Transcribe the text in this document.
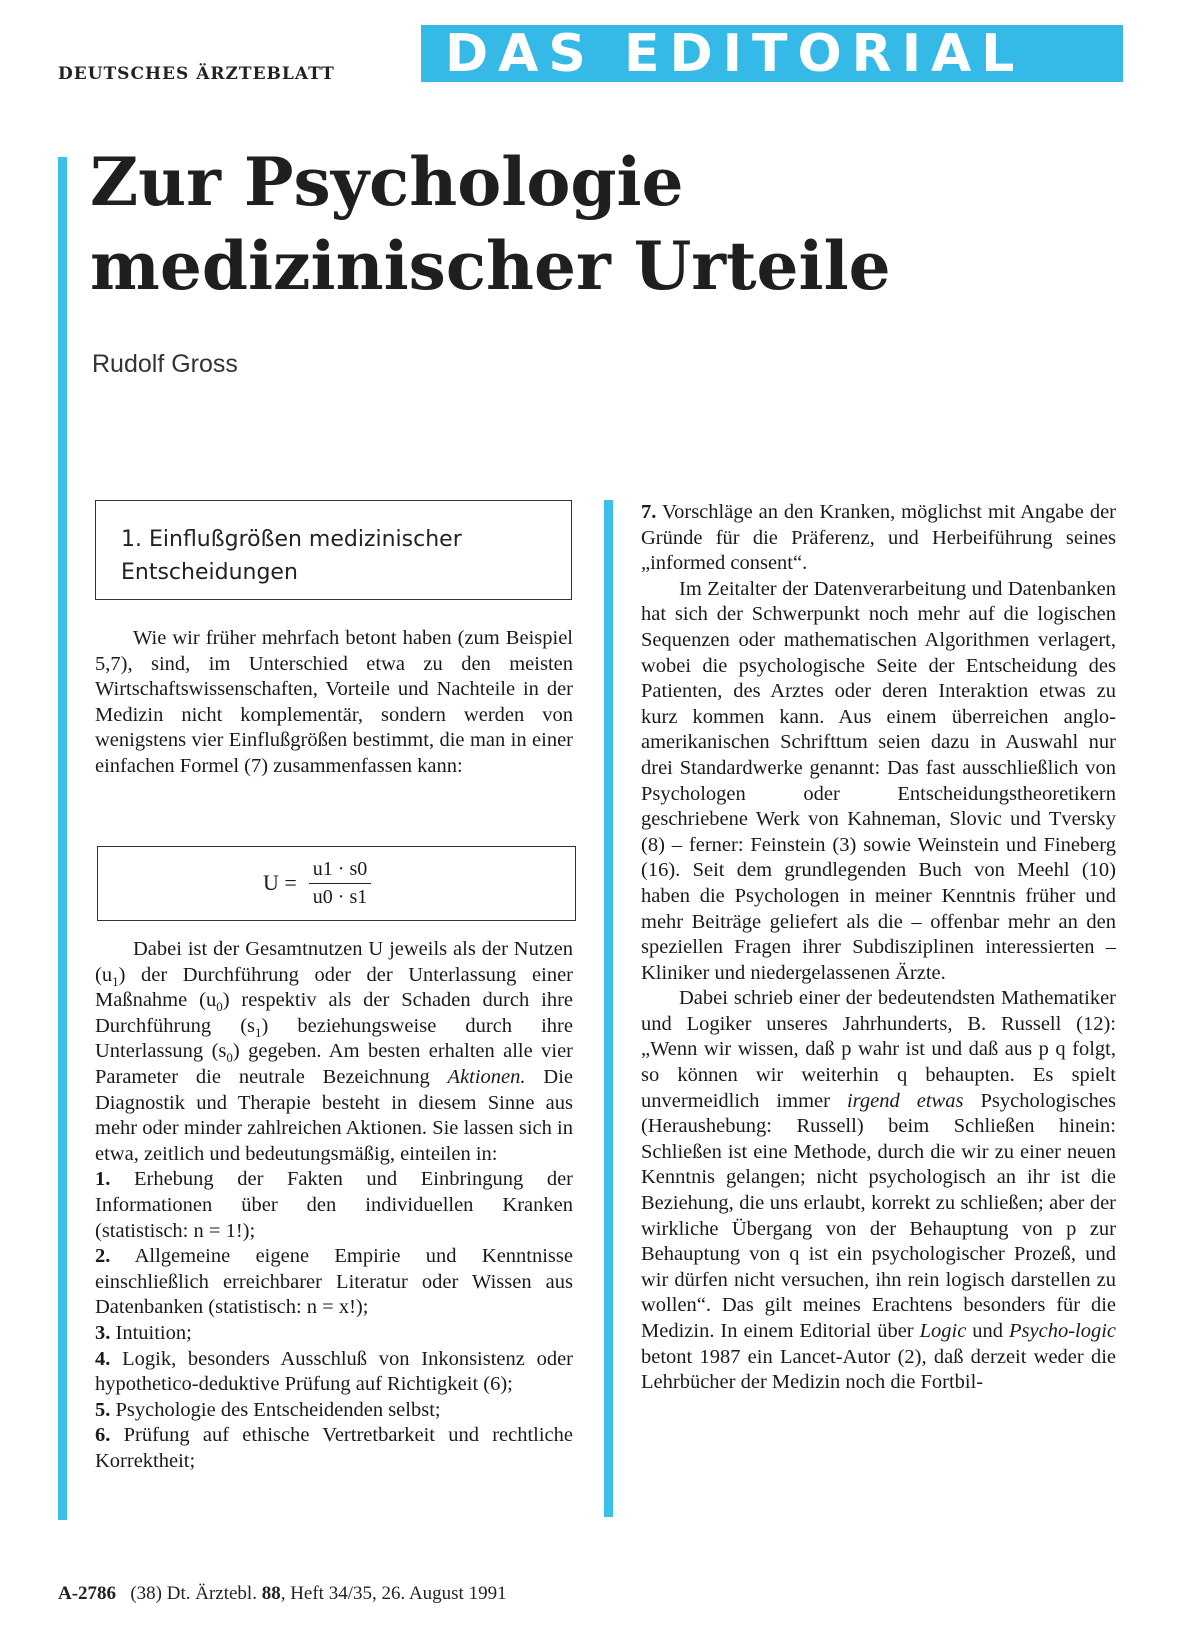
DEUTSCHES ÄRZTEBLATT DAS EDITORIAL
Zur Psychologie
medizinischer Urteile
Rudolf Gross
1. Einflußgrößen medizinischer
Entscheidungen

Wie wir früher mehrfach betont haben (zum Beispiel 5,7), sind, im Unterschied etwa zu den meisten Wirtschaftswissenschaften, Vorteile und Nachteile in der Medizin nicht komplementär, sondern werden von wenigstens vier Einflußgrößen bestimmt, die man in einer einfachen Formel (7) zusammenfassen kann:

$U = \frac{u1 \cdot s0}{u0 \cdot s1}$

Dabei ist der Gesamtnutzen U jeweils als der Nutzen $(u_1)$ der Durchführung oder der Unterlassung einer Maßnahme $(u_0)$ respektiv als der Schaden durch ihre Durchführung $(s_1)$ beziehungsweise durch ihre Unterlassung $(s_0)$ gegeben. Am besten erhalten alle vier Parameter die neutrale Bezeichnung Aktionen. Die Diagnostik und Therapie besteht in diesem Sinne aus mehr oder minder zahlreichen Aktionen. Sie lassen sich in etwa, zeitlich und bedeutungsmäßig, einteilen in:

1. Erhebung der Fakten und Einbringung der Informationen über den individuellen Kranken (statistisch: n = 1!);

2. Allgemeine eigene Empirie und Kenntnisse einschließlich erreichbarer Literatur oder Wissen aus Datenbanken (statistisch: n = x!);

3. Intuition;

4. Logik, besonders Ausschluß von Inkonsistenz oder hypothetico-deduktive Prüfung auf Richtigkeit (6);

5. Psychologie des Entscheidenden selbst;

6. Prüfung auf ethische Vertretbarkeit und rechtliche Korrektheit;

7. Vorschläge an den Kranken, möglichst mit Angabe der Gründe für die Präferenz, und Herbeiführung seines „informed consent“.

Im Zeitalter der Datenverarbeitung und Datenbanken hat sich der Schwerpunkt noch mehr auf die logischen Sequenzen oder mathematischen Algorithmen verlagert, wobei die psychologische Seite der Entscheidung des Patienten, des Arztes oder deren Interaktion etwas zu kurz kommen kann. Aus einem überreichen anglo-amerikanischen Schrifttum seien dazu in Auswahl nur drei Standardwerke genannt: Das fast ausschließlich von Psychologen oder Entscheidungstheoretikern geschriebene Werk von Kahneman, Slovic und Tversky (8) – ferner: Feinstein (3) sowie Weinstein und Fineberg (16). Seit dem grundlegenden Buch von Meehl (10) haben die Psychologen in meiner Kenntnis früher und mehr Beiträge geliefert als die – offenbar mehr an den speziellen Fragen ihrer Subdisziplinen interessierten – Kliniker und niedergelassenen Ärzte.

Dabei schrieb einer der bedeutendsten Mathematiker und Logiker unseres Jahrhunderts, B. Russell (12): „Wenn wir wissen, daß p wahr ist und daß aus p q folgt, so können wir weiterhin q behaupten. Es spielt unvermeidlich immer irgend etwas Psychologisches (Heraushebung: Russell) beim Schließen hinein: Schließen ist eine Methode, durch die wir zu einer neuen Kenntnis gelangen; nicht psychologisch an ihr ist die Beziehung, die uns erlaubt, korrekt zu schließen; aber der wirkliche Übergang von der Behauptung von p zur Behauptung von q ist ein psychologischer Prozeß, und wir dürfen nicht versuchen, ihn rein logisch darstellen zu wollen“. Das gilt meines Erachtens besonders für die Medizin. In einem Editorial über Logic und Psycho-logic betont 1987 ein Lancet-Autor (2), daß derzeit weder die Lehrbücher der Medizin noch die Fortbil-

A-2786 (38) Dt. Ärztebl. 88, Heft 34/35, 26. August 1991
